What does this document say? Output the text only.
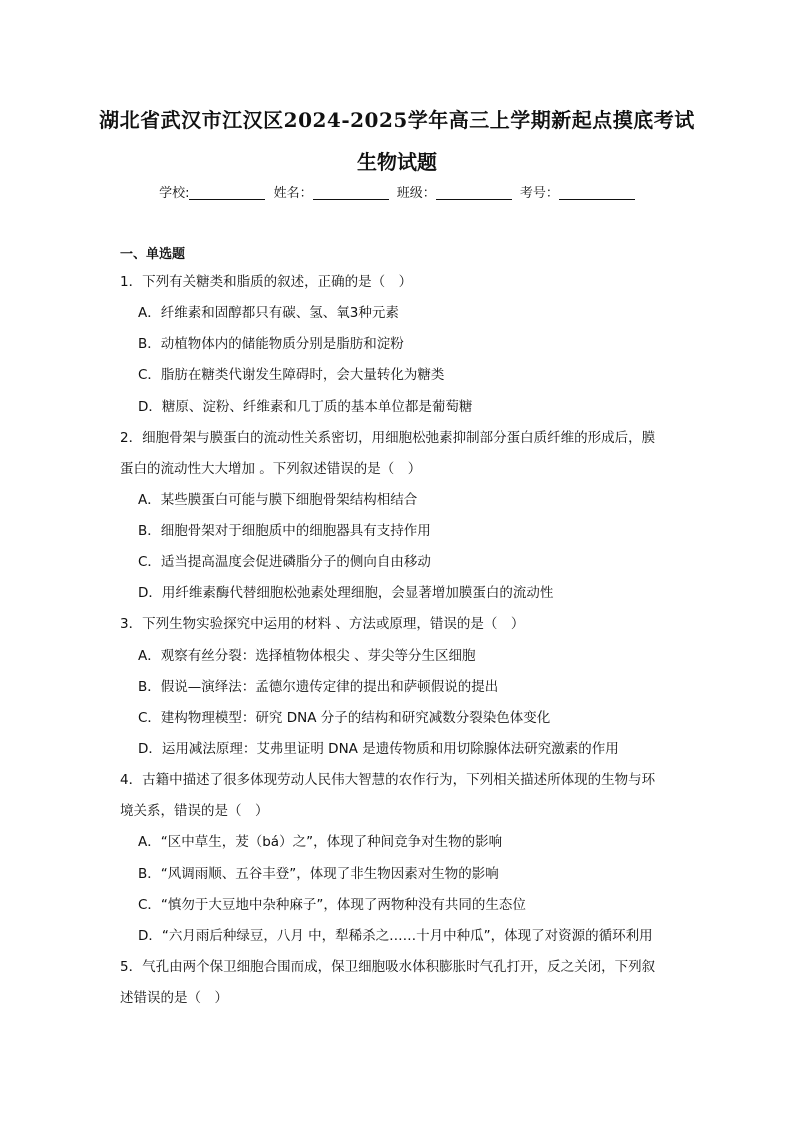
湖北省武汉市江汉区2024-2025学年高三上学期新起点摸底考试
生物试题
学校:	姓名：	班级：	考号：
一、单选题
1．下列有关糖类和脂质的叙述，正确的是（　）
A．纤维素和固醇都只有碳、氢、氧3种元素
B．动植物体内的储能物质分别是脂肪和淀粉
C．脂肪在糖类代谢发生障碍时，会大量转化为糖类
D．糖原、淀粉、纤维素和几丁质的基本单位都是葡萄糖
2．细胞骨架与膜蛋白的流动性关系密切，用细胞松弛素抑制部分蛋白质纤维的形成后，膜
蛋白的流动性大大增加 。下列叙述错误的是（　）
A．某些膜蛋白可能与膜下细胞骨架结构相结合
B．细胞骨架对于细胞质中的细胞器具有支持作用
C．适当提高温度会促进磷脂分子的侧向自由移动
D．用纤维素酶代替细胞松弛素处理细胞，会显著增加膜蛋白的流动性
3．下列生物实验探究中运用的材料 、方法或原理，错误的是（　）
A．观察有丝分裂：选择植物体根尖 、芽尖等分生区细胞
B．假说—演绎法：孟德尔遗传定律的提出和萨顿假说的提出
C．建构物理模型：研究 DNA 分子的结构和研究减数分裂染色体变化
D．运用减法原理：艾弗里证明 DNA 是遗传物质和用切除腺体法研究激素的作用
4．古籍中描述了很多体现劳动人民伟大智慧的农作行为，下列相关描述所体现的生物与环
境关系，错误的是（　）
A．“区中草生，茇（bá）之”，体现了种间竞争对生物的影响
B．“风调雨顺、五谷丰登”，体现了非生物因素对生物的影响
C．“慎勿于大豆地中杂种麻子”，体现了两物种没有共同的生态位
D．“六月雨后种绿豆，八月 中，犁稀杀之……十月中种瓜”，体现了对资源的循环利用
5．气孔由两个保卫细胞合围而成，保卫细胞吸水体积膨胀时气孔打开，反之关闭，下列叙
述错误的是（　）
